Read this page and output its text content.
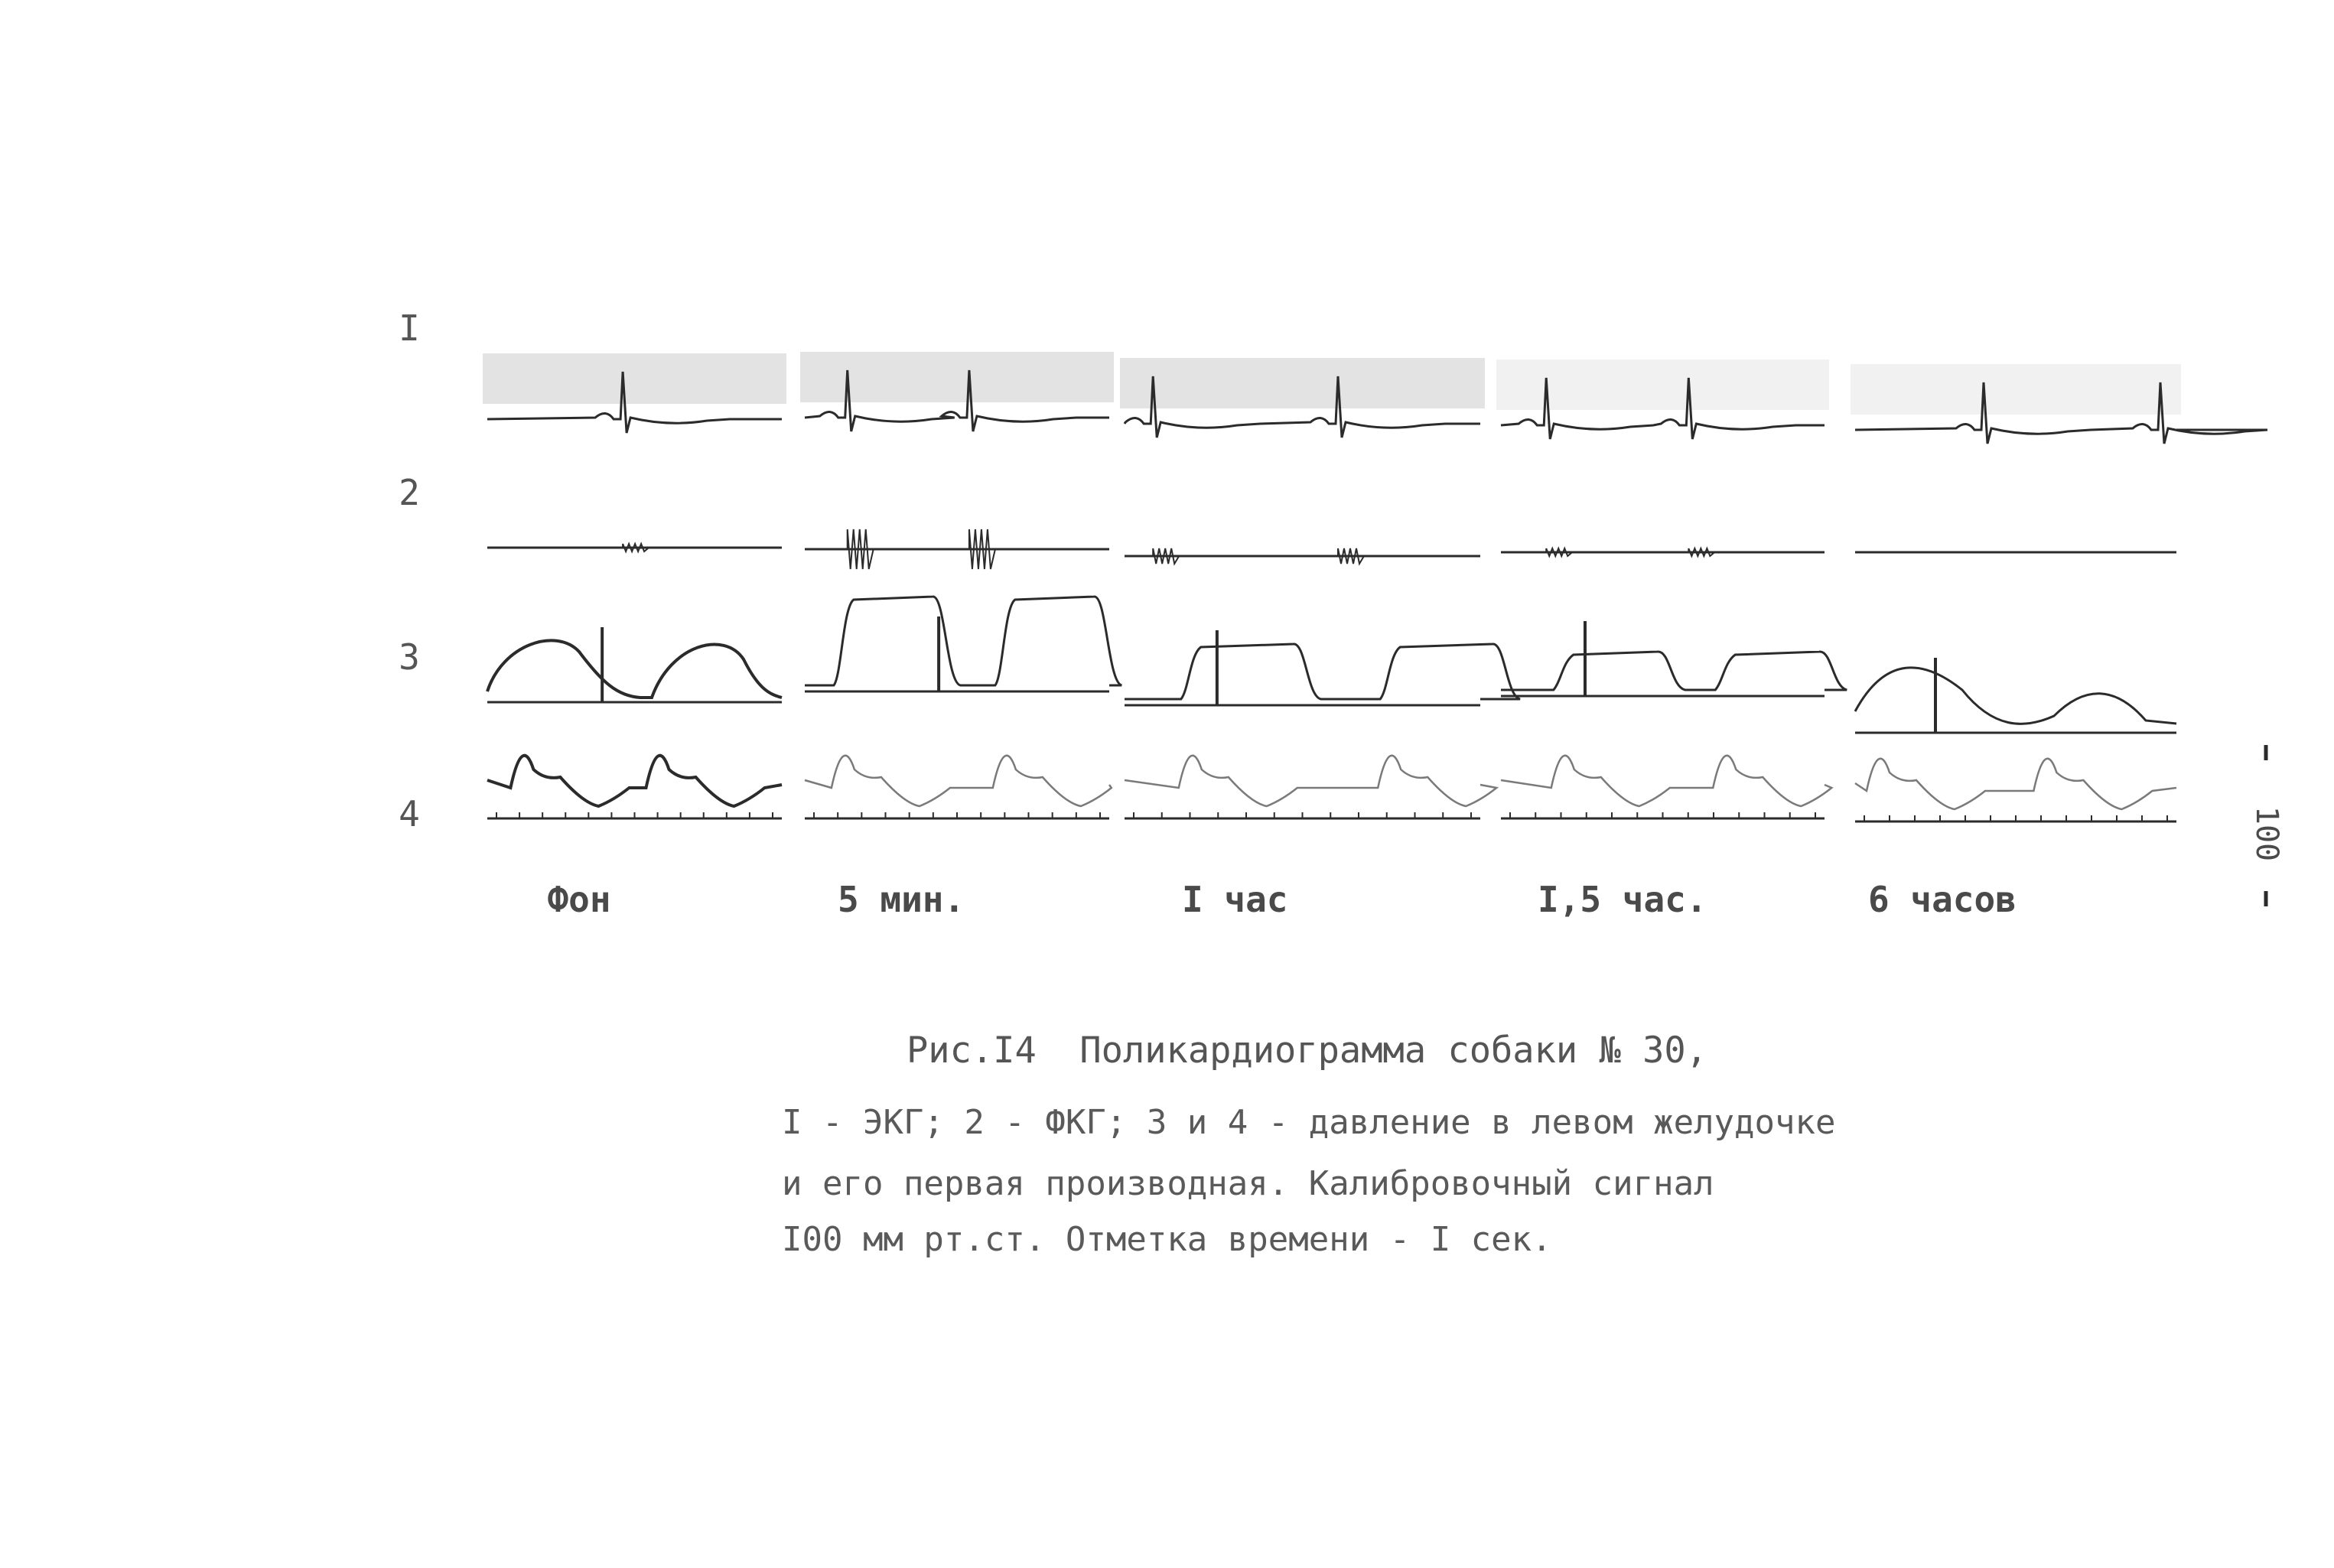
I
2
3
4
Фон	5 мин.	I час	I,5 час.	6 часов
100
Рис.I4  Поликардиограмма собаки № 30,
I - ЭКГ; 2 - ФКГ; 3 и 4 - давление в левом желудочке
и его первая производная. Калибровочный сигнал
I00 мм рт.ст. Отметка времени - I сек.
